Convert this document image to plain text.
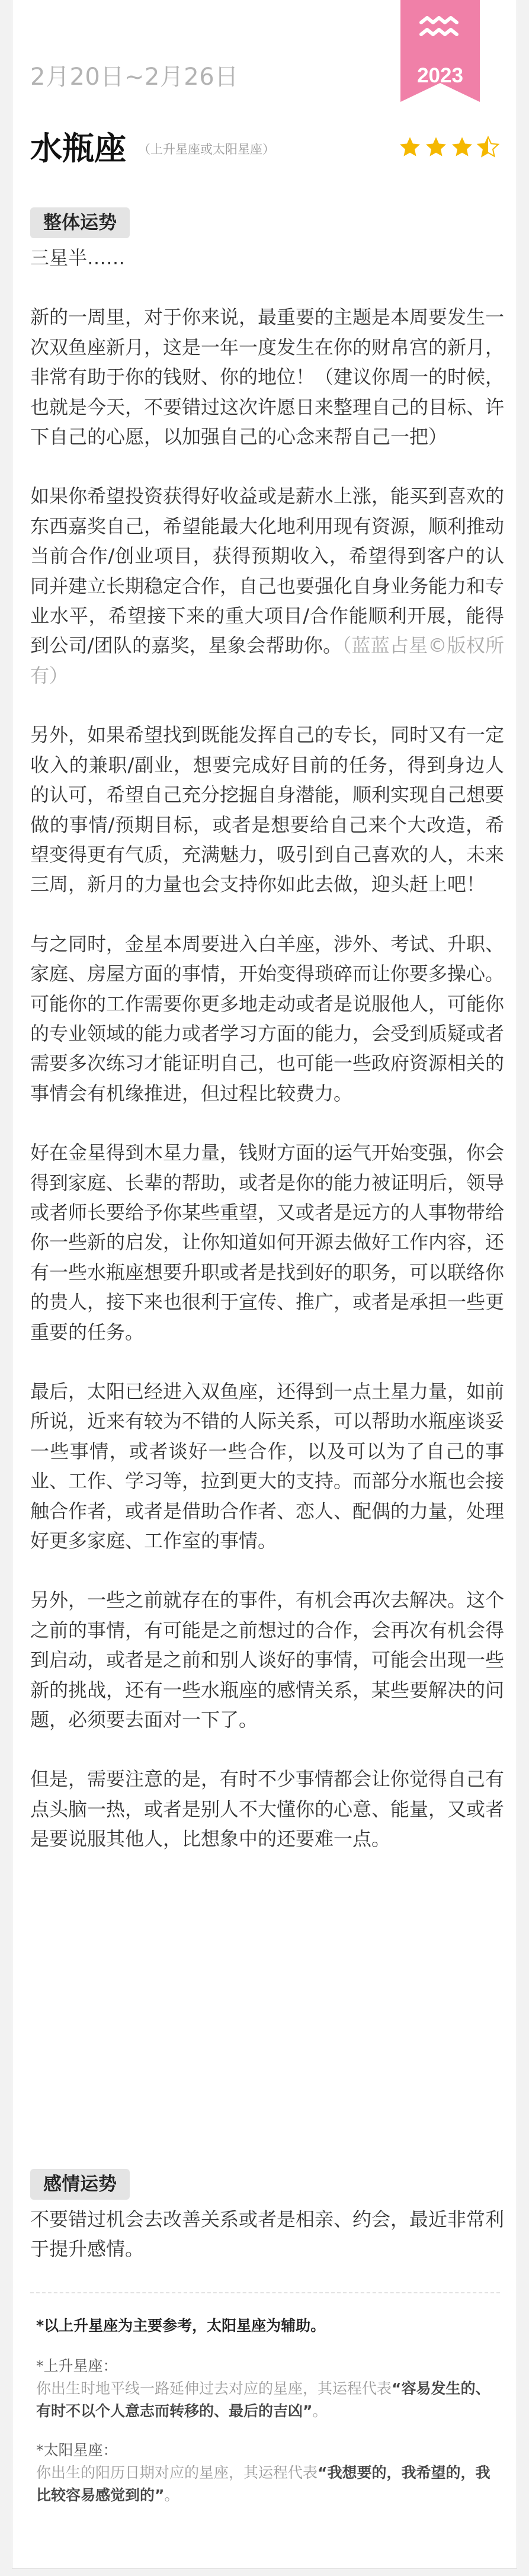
2月20日~2月26日	2023
水瓶座 （上升星座或太阳星座）
整体运势

三星半……

新的一周里，对于你来说，最重要的主题是本周要发生一次双鱼座新月，这是一年一度发生在你的财帛宫的新月，非常有助于你的钱财、你的地位！（建议你周一的时候，也就是今天，不要错过这次许愿日来整理自己的目标、许下自己的心愿，以加强自己的心念来帮自己一把）

如果你希望投资获得好收益或是薪水上涨，能买到喜欢的东西嘉奖自己，希望能最大化地利用现有资源，顺利推动当前合作/创业项目，获得预期收入，希望得到客户的认同并建立长期稳定合作，自己也要强化自身业务能力和专业水平，希望接下来的重大项目/合作能顺利开展，能得到公司/团队的嘉奖，星象会帮助你。（蓝蓝占星©版权所有）

另外，如果希望找到既能发挥自己的专长，同时又有一定收入的兼职/副业，想要完成好目前的任务，得到身边人的认可，希望自己充分挖掘自身潜能，顺利实现自己想要做的事情/预期目标，或者是想要给自己来个大改造，希望变得更有气质，充满魅力，吸引到自己喜欢的人，未来三周，新月的力量也会支持你如此去做，迎头赶上吧！

与之同时，金星本周要进入白羊座，涉外、考试、升职、家庭、房屋方面的事情，开始变得琐碎而让你要多操心。可能你的工作需要你更多地走动或者是说服他人，可能你的专业领域的能力或者学习方面的能力，会受到质疑或者需要多次练习才能证明自己，也可能一些政府资源相关的事情会有机缘推进，但过程比较费力。

好在金星得到木星力量，钱财方面的运气开始变强，你会得到家庭、长辈的帮助，或者是你的能力被证明后，领导或者师长要给予你某些重望，又或者是远方的人事物带给你一些新的启发，让你知道如何开源去做好工作内容，还有一些水瓶座想要升职或者是找到好的职务，可以联络你的贵人，接下来也很利于宣传、推广，或者是承担一些更重要的任务。

最后，太阳已经进入双鱼座，还得到一点土星力量，如前所说，近来有较为不错的人际关系，可以帮助水瓶座谈妥一些事情，或者谈好一些合作，以及可以为了自己的事业、工作、学习等，拉到更大的支持。而部分水瓶也会接触合作者，或者是借助合作者、恋人、配偶的力量，处理好更多家庭、工作室的事情。

另外，一些之前就存在的事件，有机会再次去解决。这个之前的事情，有可能是之前想过的合作，会再次有机会得到启动，或者是之前和别人谈好的事情，可能会出现一些新的挑战，还有一些水瓶座的感情关系，某些要解决的问题，必须要去面对一下了。

但是，需要注意的是，有时不少事情都会让你觉得自己有点头脑一热，或者是别人不大懂你的心意、能量，又或者是要说服其他人，比想象中的还要难一点。

感情运势

不要错过机会去改善关系或者是相亲、约会，最近非常利于提升感情。

*以上升星座为主要参考，太阳星座为辅助。
*上升星座：
你出生时地平线一路延伸过去对应的星座，其运程代表“容易发生的、有时不以个人意志而转移的、最后的吉凶”。
*太阳星座：
你出生的阳历日期对应的星座，其运程代表“我想要的，我希望的，我比较容易感觉到的”。
